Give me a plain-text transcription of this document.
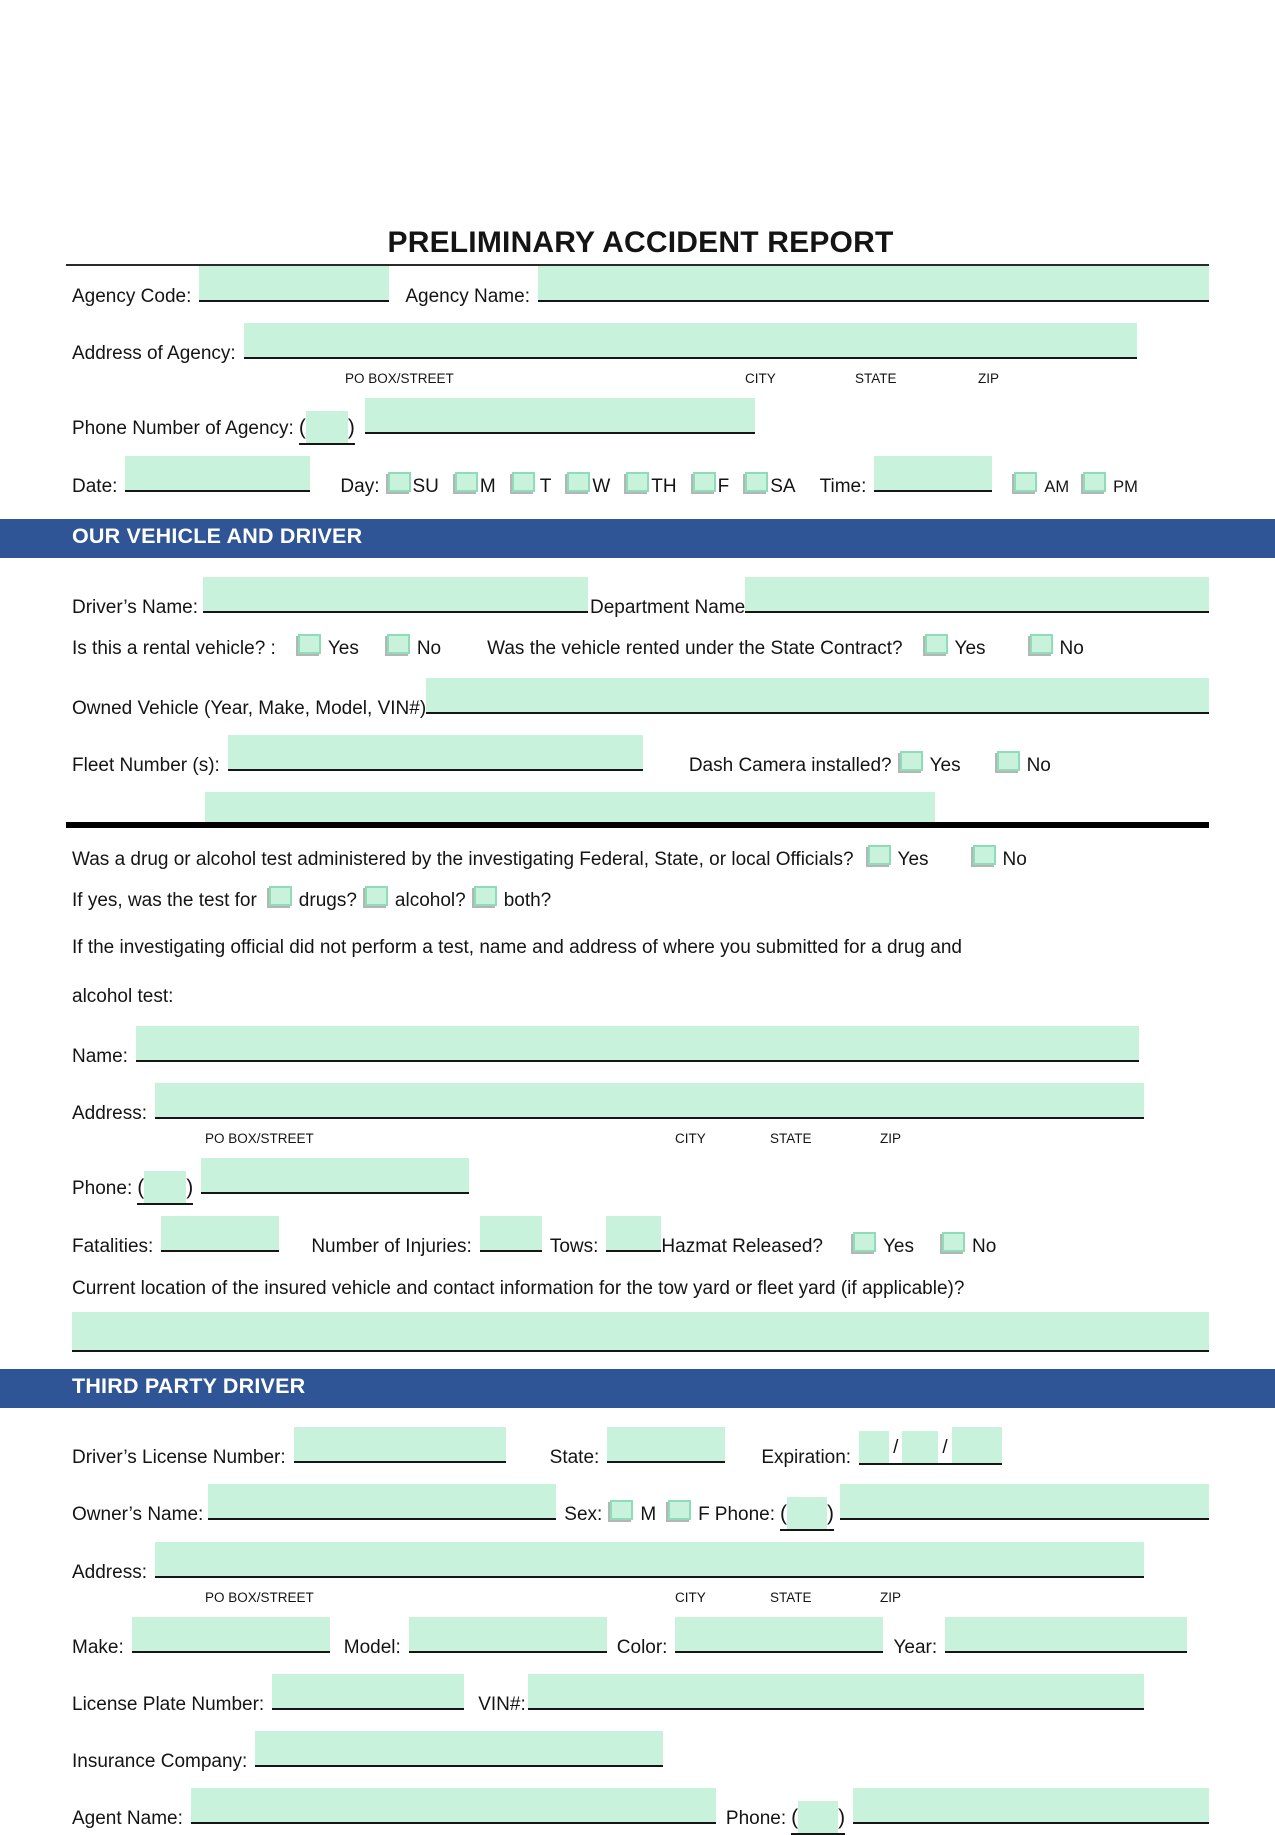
PRELIMINARY ACCIDENT REPORT
Agency Code:	Agency Name:
Address of Agency:
PO BOX/STREET	CITY	STATE	ZIP
Phone Number of Agency: ( )
Date:	Day: SU M T W TH F SA Time:	AM	PM
OUR VEHICLE AND DRIVER
Driver’s Name:	Department Name
Is this a rental vehicle? :	Yes	No Was the vehicle rented under the State Contract?	Yes	No
Owned Vehicle (Year, Make, Model, VIN#)
Fleet Number (s):	Dash Camera installed? Yes	No
Was a drug or alcohol test administered by the investigating Federal, State, or local Officials? Yes	No
If yes, was the test for drugs? alcohol? both?

If the investigating official did not perform a test, name and address of where you submitted for a drug and

alcohol test:

Name:
Address:
PO BOX/STREET	CITY	STATE	ZIP
Phone: ( )
Fatalities:	Number of Injuries:	Tows:	Hazmat Released?	Yes	No

Current location of the insured vehicle and contact information for the tow yard or fleet yard (if applicable)?

THIRD PARTY DRIVER
Driver’s License Number:	State:	Expiration: / /
Owner’s Name:	Sex: M F Phone: ( )
Address:
PO BOX/STREET	CITY	STATE	ZIP
Make:	Model:	Color:	Year:
License Plate Number:	VIN#:
Insurance Company:
Agent Name:	Phone: ( )
